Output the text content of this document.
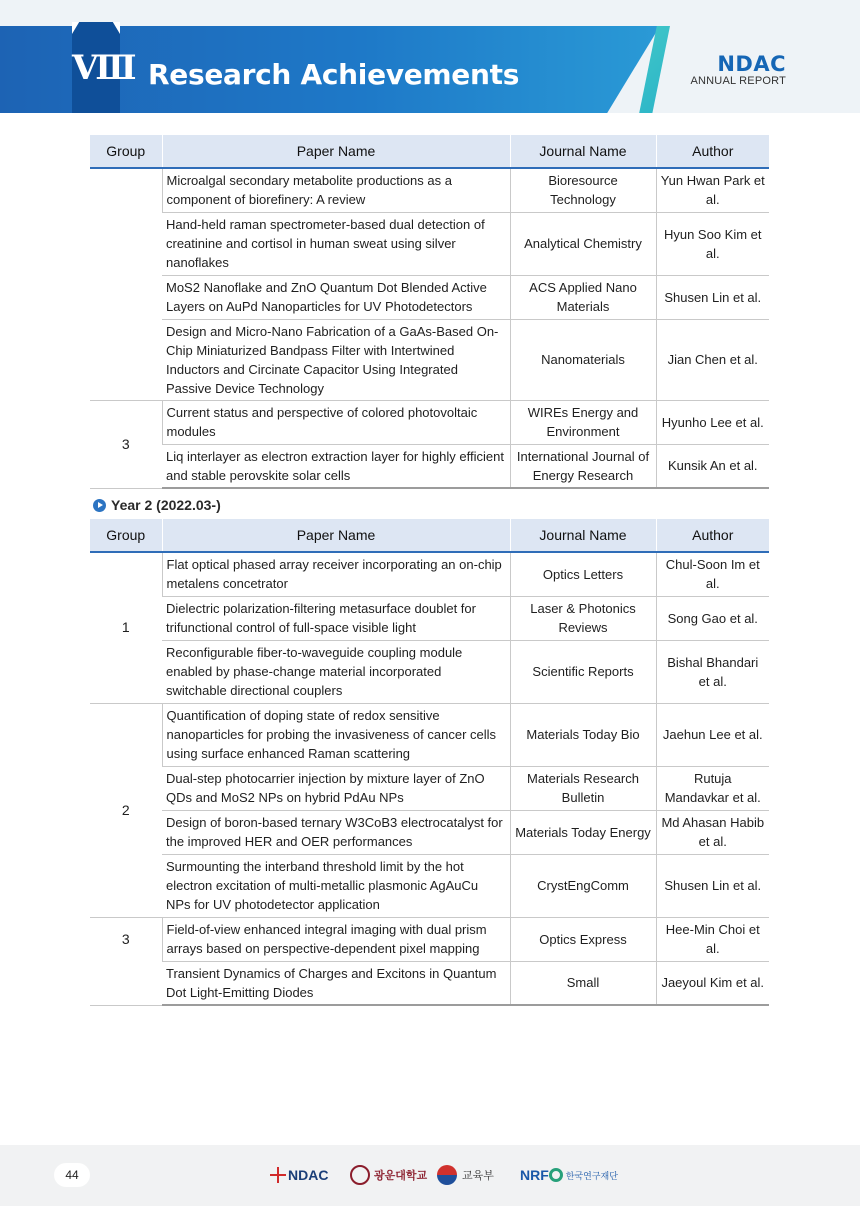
Ⅷ Research Achievements	NDAC
ANNUAL REPORT
Group	Paper Name	Journal Name	Author
	Microalgal secondary metabolite productions as a component of biorefinery: A review	Bioresource Technology	Yun Hwan Park et al.
	Hand-held raman spectrometer-based dual detection of creatinine and cortisol in human sweat using silver nanoflakes	Analytical Chemistry	Hyun Soo Kim et al.
	MoS2 Nanoflake and ZnO Quantum Dot Blended Active Layers on AuPd Nanoparticles for UV Photodetectors	ACS Applied Nano Materials	Shusen Lin et al.
	Design and Micro-Nano Fabrication of a GaAs-Based On-Chip Miniaturized Bandpass Filter with Intertwined Inductors and Circinate Capacitor Using Integrated Passive Device Technology	Nanomaterials	Jian Chen et al.
3	Current status and perspective of colored photovoltaic modules	WIREs Energy and Environment	Hyunho Lee et al.
	Liq interlayer as electron extraction layer for highly efficient and stable perovskite solar cells	International Journal of Energy Research	Kunsik An et al.
Year 2 (2022.03-)
Group	Paper Name	Journal Name	Author
1	Flat optical phased array receiver incorporating an on-chip metalens concetrator	Optics Letters	Chul-Soon Im et al.
	Dielectric polarization-filtering metasurface doublet for trifunctional control of full-space visible light	Laser & Photonics Reviews	Song Gao et al.
	Reconfigurable fiber-to-waveguide coupling module enabled by phase-change material incorporated switchable directional couplers	Scientific Reports	Bishal Bhandari et al.
2	Quantification of doping state of redox sensitive nanoparticles for probing the invasiveness of cancer cells using surface enhanced Raman scattering	Materials Today Bio	Jaehun Lee et al.
	Dual-step photocarrier injection by mixture layer of ZnO QDs and MoS2 NPs on hybrid PdAu NPs	Materials Research Bulletin	Rutuja Mandavkar et al.
	Design of boron-based ternary W3CoB3 electrocatalyst for the improved HER and OER performances	Materials Today Energy	Md Ahasan Habib et al.
	Surmounting the interband threshold limit by the hot electron excitation of multi-metallic plasmonic AgAuCu NPs for UV photodetector application	CrystEngComm	Shusen Lin et al.
3	Field-of-view enhanced integral imaging with dual prism arrays based on perspective-dependent pixel mapping	Optics Express	Hee-Min Choi et al.
	Transient Dynamics of Charges and Excitons in Quantum Dot Light-Emitting Diodes	Small	Jaeyoul Kim et al.
44	NDAC	광운대학교	교육부 NRF 한국연구재단
